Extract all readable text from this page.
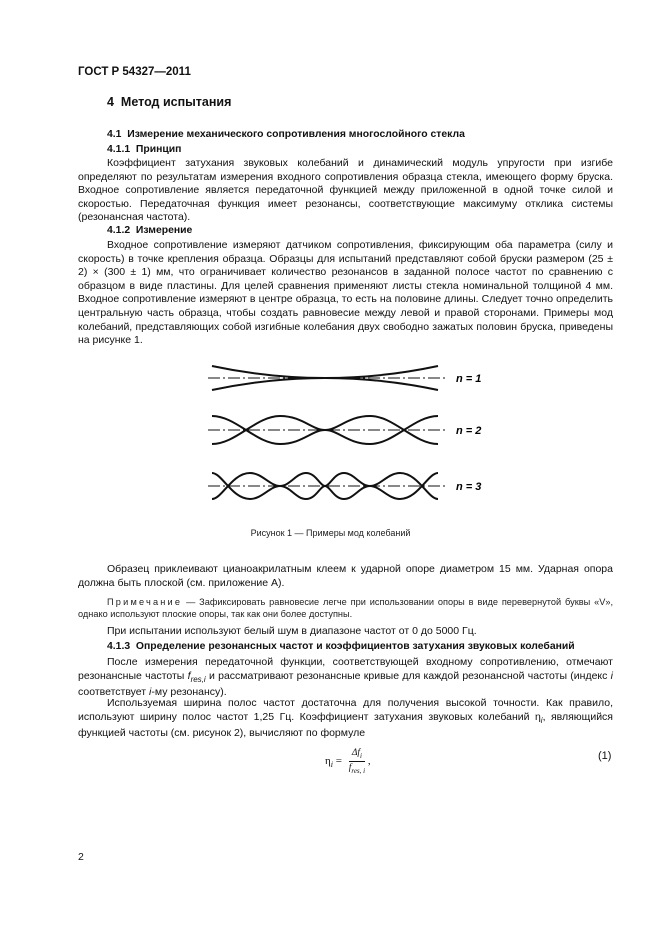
ГОСТ Р 54327—2011
4 Метод испытания
4.1 Измерение механического сопротивления многослойного стекла
4.1.1 Принцип
Коэффициент затухания звуковых колебаний и динамический модуль упругости при изгибе определяют по результатам измерения входного сопротивления образца стекла, имеющего форму бруска. Входное сопротивление является передаточной функцией между приложенной в одной точке силой и скоростью. Передаточная функция имеет резонансы, соответствующие максимуму отклика системы (резонансная частота).
4.1.2 Измерение
Входное сопротивление измеряют датчиком сопротивления, фиксирующим оба параметра (силу и скорость) в точке крепления образца. Образцы для испытаний представляют собой бруски размером (25 ± 2) × (300 ± 1) мм, что ограничивает количество резонансов в заданной полосе частот по сравнению с образцом в виде пластины. Для целей сравнения применяют листы стекла номинальной толщиной 4 мм. Входное сопротивление измеряют в центре образца, то есть на половине длины. Следует точно определить центральную часть образца, чтобы создать равновесие между левой и правой сторонами. Примеры мод колебаний, представляющих собой изгибные колебания двух свободно зажатых половин бруска, приведены на рисунке 1.
n = 1
n = 2
n = 3
Рисунок 1 — Примеры мод колебаний
Образец приклеивают цианоакрилатным клеем к ударной опоре диаметром 15 мм. Ударная опора должна быть плоской (см. приложение А).
Примечание — Зафиксировать равновесие легче при использовании опоры в виде перевернутой буквы «V», однако используют плоские опоры, так как они более доступны.
При испытании используют белый шум в диапазоне частот от 0 до 5000 Гц.
4.1.3 Определение резонансных частот и коэффициентов затухания звуковых колебаний
После измерения передаточной функции, соответствующей входному сопротивлению, отмечают резонансные частоты $f_{res,i}$ и рассматривают резонансные кривые для каждой резонансной частоты (индекс i соответствует i-му резонансу).
Используемая ширина полос частот достаточна для получения высокой точности. Как правило, используют ширину полос частот 1,25 Гц. Коэффициент затухания звуковых колебаний $\eta_i$, являющийся функцией частоты (см. рисунок 2), вычисляют по формуле
$\eta_i = \frac{\Delta f_i}{f_{res, i}}$ ,	(1)
2
